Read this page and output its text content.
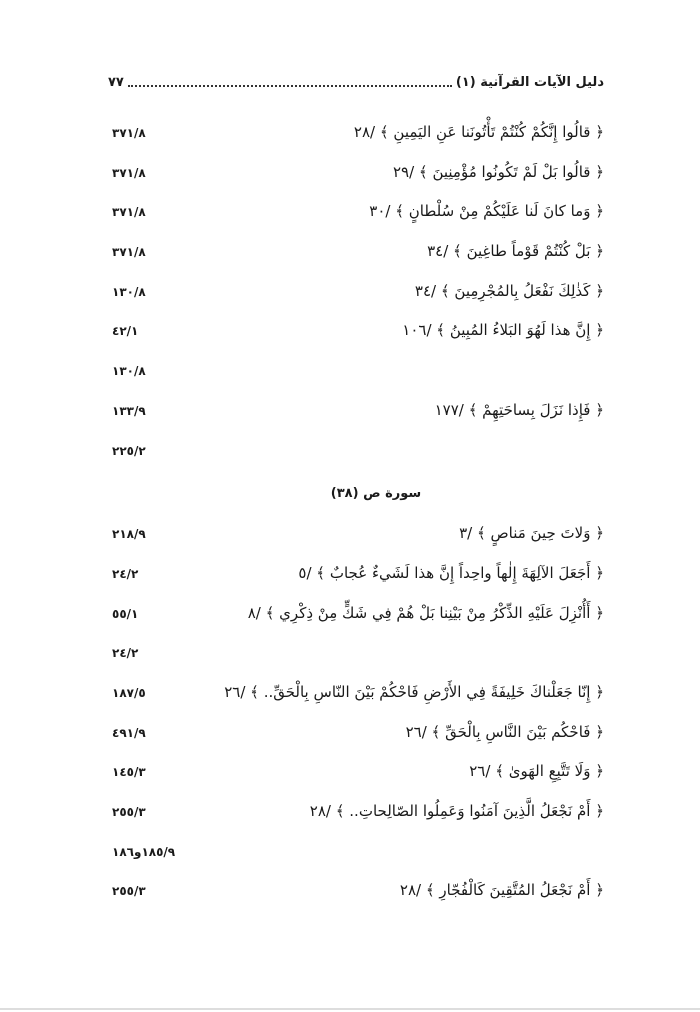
دليل الآيات القرآنية (١)
٧٧
﴿ قالُوا إِنَّكُمْ كُنْتُمْ تَأْتُونَنا عَنِ اليَمِينِ ﴾ /٢٨
٣٧١/٨
﴿ قالُوا بَلْ لَمْ تَكُونُوا مُؤْمِنِينَ ﴾ /٢٩
٣٧١/٨
﴿ وَما كانَ لَنا عَلَيْكُمْ مِنْ سُلْطانٍ ﴾ /٣٠
٣٧١/٨
﴿ بَلْ كُنْتُمْ قَوْماً طاغِينَ ﴾ /٣٤
٣٧١/٨
﴿ كَذٰلِكَ نَفْعَلُ بِالمُجْرِمِينَ ﴾ /٣٤
١٣٠/٨
﴿ إِنَّ هذا لَهُوَ البَلاءُ المُبِينُ ﴾ /١٠٦
٤٢/١
١٣٠/٨
﴿ فَإِذا نَزَلَ بِساحَتِهِمْ ﴾ /١٧٧
١٣٣/٩
٢٢٥/٢
سورة ص (٣٨)
﴿ وَلاتَ حِينَ مَناصٍ ﴾ /٣
٢١٨/٩
﴿ أَجَعَلَ الآلِهَةَ إِلٰهاً واحِداً إِنَّ هذا لَشَيءٌ عُجابٌ ﴾ /٥
٢٤/٢
﴿ أَأُنْزِلَ عَلَيْهِ الذِّكْرُ مِنْ بَيْنِنا بَلْ هُمْ فِي شَكٍّ مِنْ ذِكْرِي ﴾ /٨
٥٥/١
٢٤/٢
﴿ إِنّا جَعَلْناكَ خَلِيفَةً فِي الأَرْضِ فَاحْكُمْ بَيْنَ النّاسِ بِالْحَقِّ.. ﴾ /٢٦
١٨٧/٥
﴿ فَاحْكُم بَيْنَ النَّاسِ بِالْحَقِّ ﴾ /٢٦
٤٩١/٩
﴿ وَلَا تَتَّبِعِ الهَوىٰ ﴾ /٢٦
١٤٥/٣
﴿ أَمْ نَجْعَلُ الَّذِينَ آمَنُوا وَعَمِلُوا الصّالِحاتِ.. ﴾ /٢٨
٢٥٥/٣
١٨٥/٩و١٨٦
﴿ أَمْ نَجْعَلُ المُتَّقِينَ كَالْفُجّارِ ﴾ /٢٨
٢٥٥/٣
